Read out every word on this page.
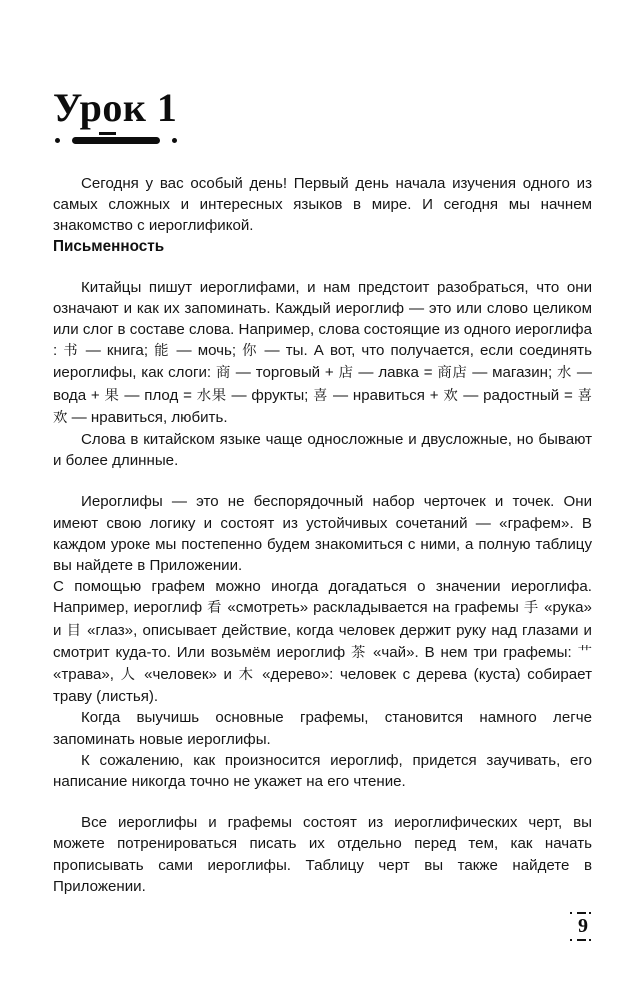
Урок 1

Сегодня у вас особый день! Первый день начала изучения одного из самых сложных и интересных языков в мире. И сегодня мы начнем знакомство с иероглификой.

Письменность

Китайцы пишут иероглифами, и нам предстоит разобраться, что они означают и как их запоминать. Каждый иероглиф — это или слово целиком или слог в составе слова. Например, слова состоящие из одного иероглифа : 书 — книга; 能 — мочь; 你 — ты. А вот, что получается, если соединять иероглифы, как слоги: 商 — торговый + 店 — лавка = 商店 — магазин; 水 — вода + 果 — плод = 水果 — фрукты; 喜 — нравиться + 欢 — радостный = 喜欢 — нравиться, любить.

Слова в китайском языке чаще односложные и двусложные, но бывают и более длинные.

Иероглифы — это не беспорядочный набор черточек и точек. Они имеют свою логику и состоят из устойчивых сочетаний — «графем». В каждом уроке мы постепенно будем знакомиться с ними, а полную таблицу вы найдете в Приложении.

С помощью графем можно иногда догадаться о значении иероглифа. Например, иероглиф 看 «смотреть» раскладывается на графемы 手 «рука» и 目 «глаз», описывает действие, когда человек держит руку над глазами и смотрит куда-то. Или возьмём иероглиф 茶 «чай». В нем три графемы: 艹 «трава», 人 «человек» и 木 «дерево»: человек с дерева (куста) собирает траву (листья).

Когда выучишь основные графемы, становится намного легче запоминать новые иероглифы.

К сожалению, как произносится иероглиф, придется заучивать, его написание никогда точно не укажет на его чтение.

Все иероглифы и графемы состоят из иероглифических черт, вы можете потренироваться писать их отдельно перед тем, как начать прописывать сами иероглифы. Таблицу черт вы также найдете в Приложении.

9
